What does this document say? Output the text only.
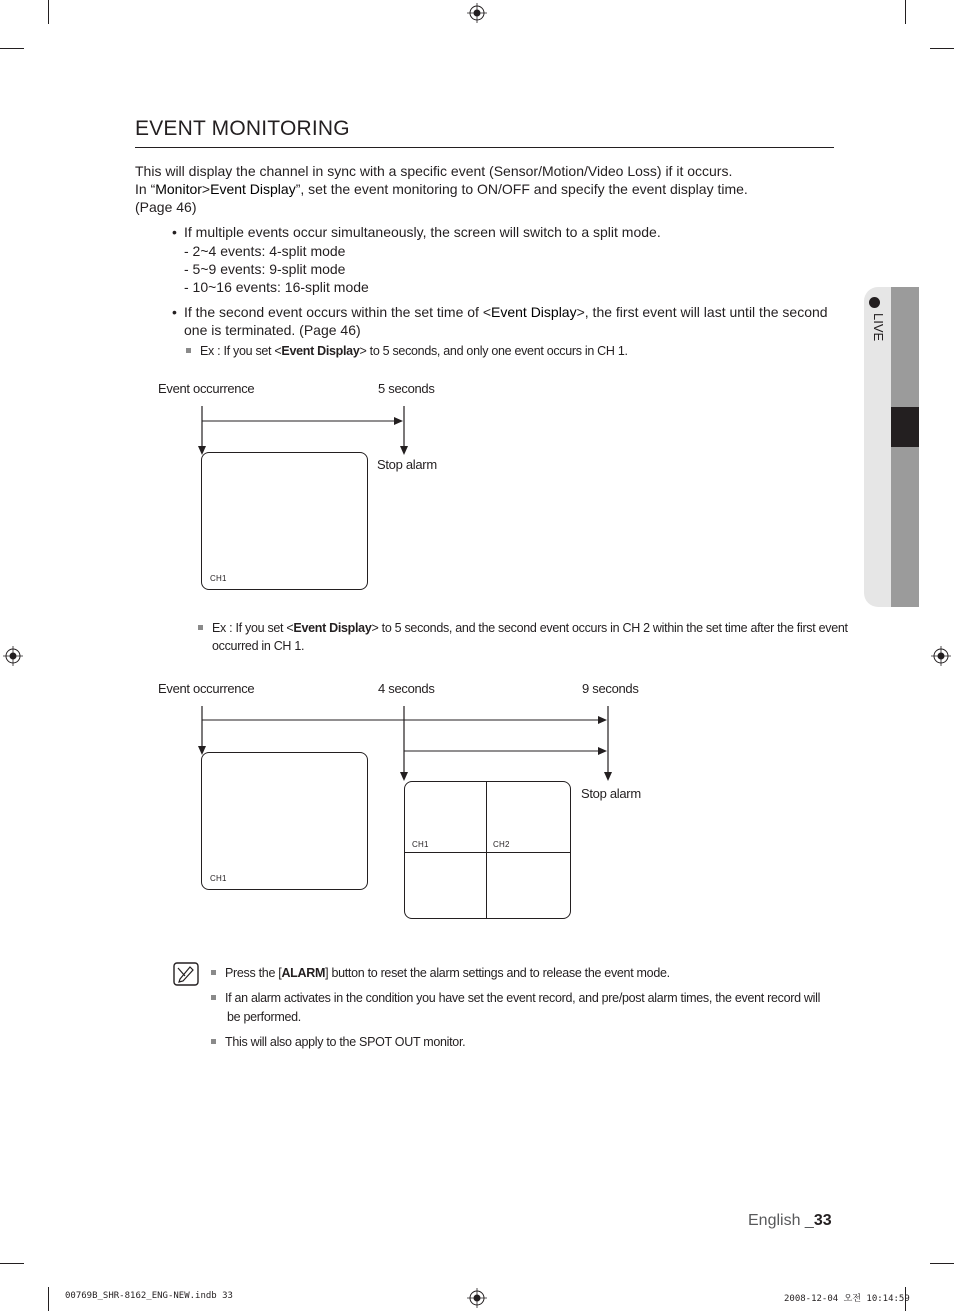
LIVE
EVENT MONITORING
This will display the channel in sync with a specific event (Sensor/Motion/Video Loss) if it occurs.
In “Monitor>Event Display”, set the event monitoring to ON/OFF and specify the event display time.
(Page 46)
• If multiple events occur simultaneously, the screen will switch to a split mode.
- 2~4 events: 4-split mode
- 5~9 events: 9-split mode
- 10~16 events: 16-split mode
• If the second event occurs within the set time of <Event Display>, the first event will last until the second
one is terminated. (Page 46)
Ex : If you set <Event Display> to 5 seconds, and only one event occurs in CH 1.
Event occurrence	5 seconds
Stop alarm
CH1
Ex : If you set <Event Display> to 5 seconds, and the second event occurs in CH 2 within the set time after the first event
occurred in CH 1.
Event occurrence	4 seconds	9 seconds
Stop alarm
CH1
CH1	CH2
Press the [ALARM] button to reset the alarm settings and to release the event mode.
If an alarm activates in the condition you have set the event record, and pre/post alarm times, the event record will
be performed.
This will also apply to the SPOT OUT monitor.
English _33
00769B_SHR-8162_ENG-NEW.indb 33	2008-12-04 오전 10:14:59
